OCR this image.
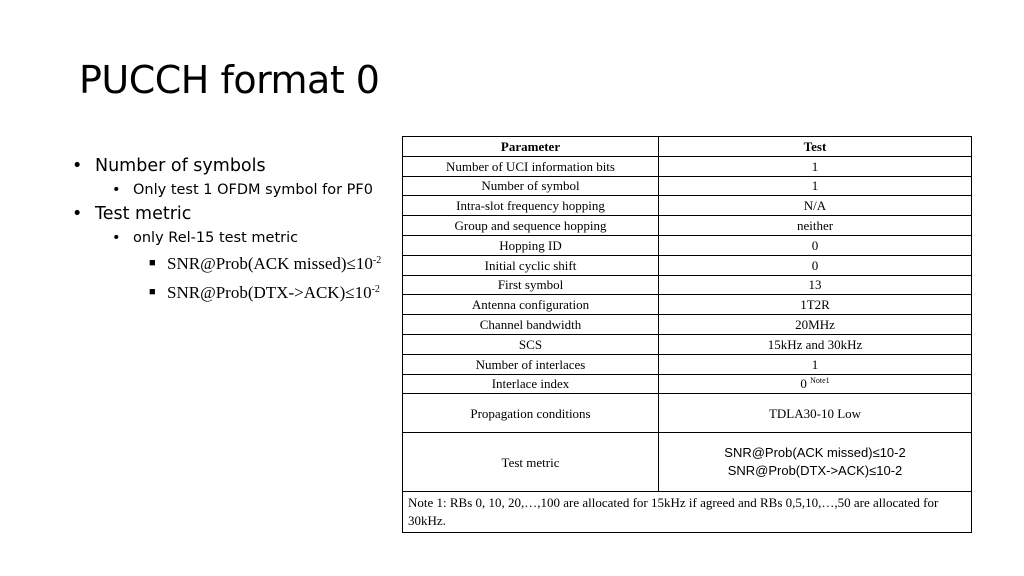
PUCCH format 0
• Number of symbols
• Only test 1 OFDM symbol for PF0
• Test metric
• only Rel-15 test metric
■ SNR@Prob(ACK $missed)\le 10^{-2}$
■ $SNR@Prob(DTX->ACK)\le 10^{-2}$
Parameter	Test
Number of UCI information bits	1
Number of symbol	1
Intra-slot frequency hopping	N/A
Group and sequence hopping	neither
Hopping ID	0
Initial cyclic shift	0
First symbol	13
Antenna configuration	1T2R
Channel bandwidth	20MHz
SCS	15kHz and 30kHz
Number of interlaces	1
Interlace index	0 $^{Note1}$
Propagation conditions	TDLA30-10 Low
Test metric	SNR@Prob(ACK missed)≤10-2
SNR@Prob(DTX->ACK)≤10-2

Note 1: RBs 0, 10, 20,…,100 are allocated for 15kHz if agreed and RBs 0,5,10,…,50 are allocated for 30kHz.	
